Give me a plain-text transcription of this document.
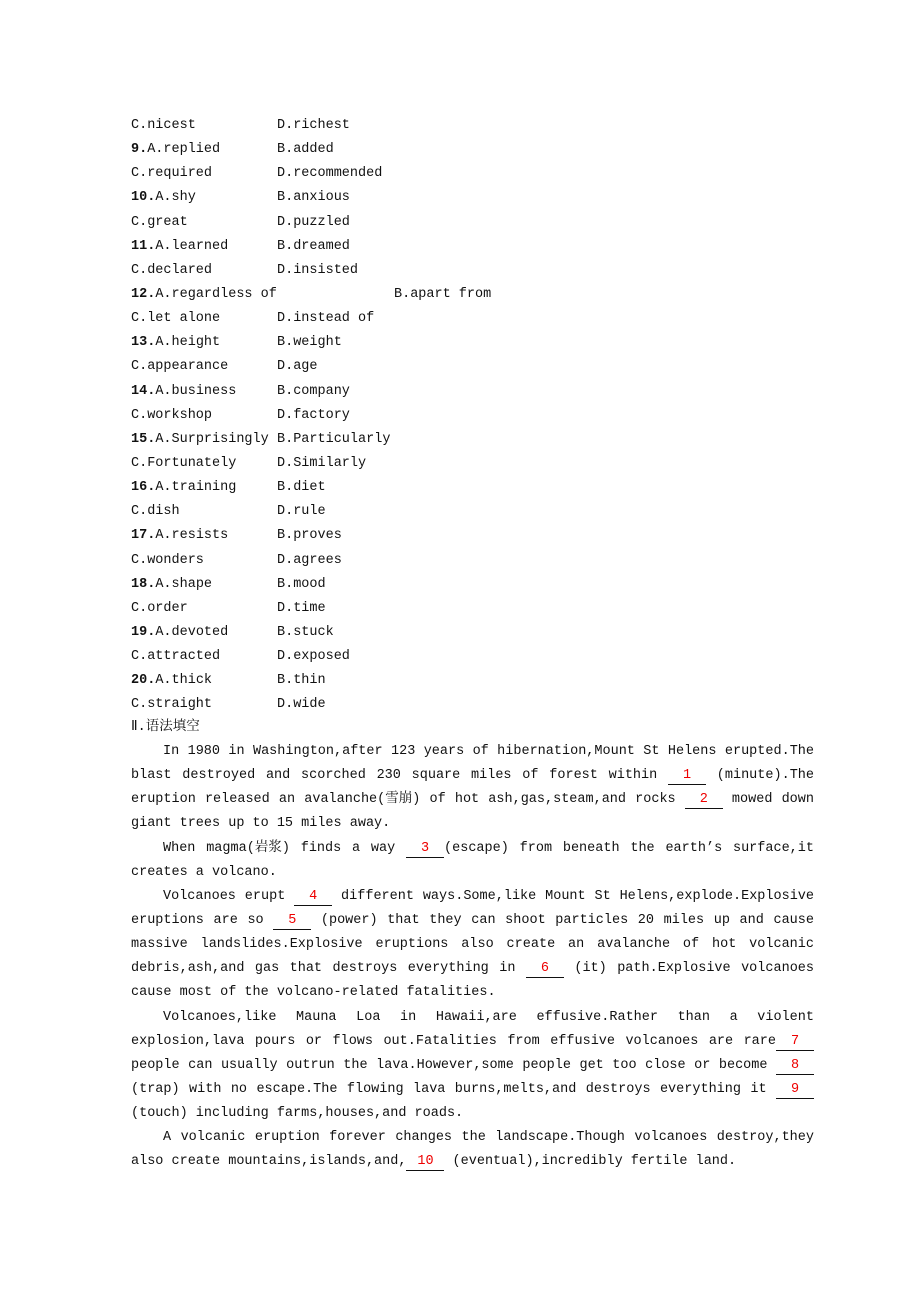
C.nicest	D.richest
9.A.replied	B.added
C.required	D.recommended
10.A.shy	B.anxious
C.great	D.puzzled
11.A.learned	B.dreamed
C.declared	D.insisted
12.A.regardless of	B.apart from
C.let alone	D.instead of
13.A.height	B.weight
C.appearance	D.age
14.A.business	B.company
C.workshop	D.factory
15.A.Surprisingly B.Particularly
C.Fortunately	D.Similarly
16.A.training	B.diet
C.dish	D.rule
17.A.resists	B.proves
C.wonders	D.agrees
18.A.shape	B.mood
C.order	D.time
19.A.devoted	B.stuck
C.attracted	D.exposed
20.A.thick	B.thin
C.straight	D.wide
Ⅱ.语法填空
In 1980 in Washington,after 123 years of hibernation,Mount St Helens erupted.The
blast destroyed and scorched 230 square miles of forest within 1 (minute).The
eruption released an avalanche(雪崩) of hot ash,gas,steam,and rocks 2 mowed down
giant trees up to 15 miles away.
When magma(岩浆) finds a way 3 (escape) from beneath the earth’s surface,it
creates a volcano.
Volcanoes erupt 4 different ways.Some,like Mount St Helens,explode.Explosive
eruptions are so 5 (power) that they can shoot particles 20 miles up and cause
massive landslides.Explosive eruptions also create an avalanche of hot volcanic
debris,ash,and gas that destroys everything in 6 (it) path.Explosive volcanoes
cause most of the volcano-related fatalities.
Volcanoes,like Mauna Loa in Hawaii,are effusive.Rather than a violent
explosion,lava pours or flows out.Fatalities from effusive volcanoes are rare 7
people can usually outrun the lava.However,some people get too close or become 8
(trap) with no escape.The flowing lava burns,melts,and destroys everything it 9
(touch) including farms,houses,and roads.
A volcanic eruption forever changes the landscape.Though volcanoes destroy,they
also create mountains,islands,and, 10 (eventual),incredibly fertile land.
